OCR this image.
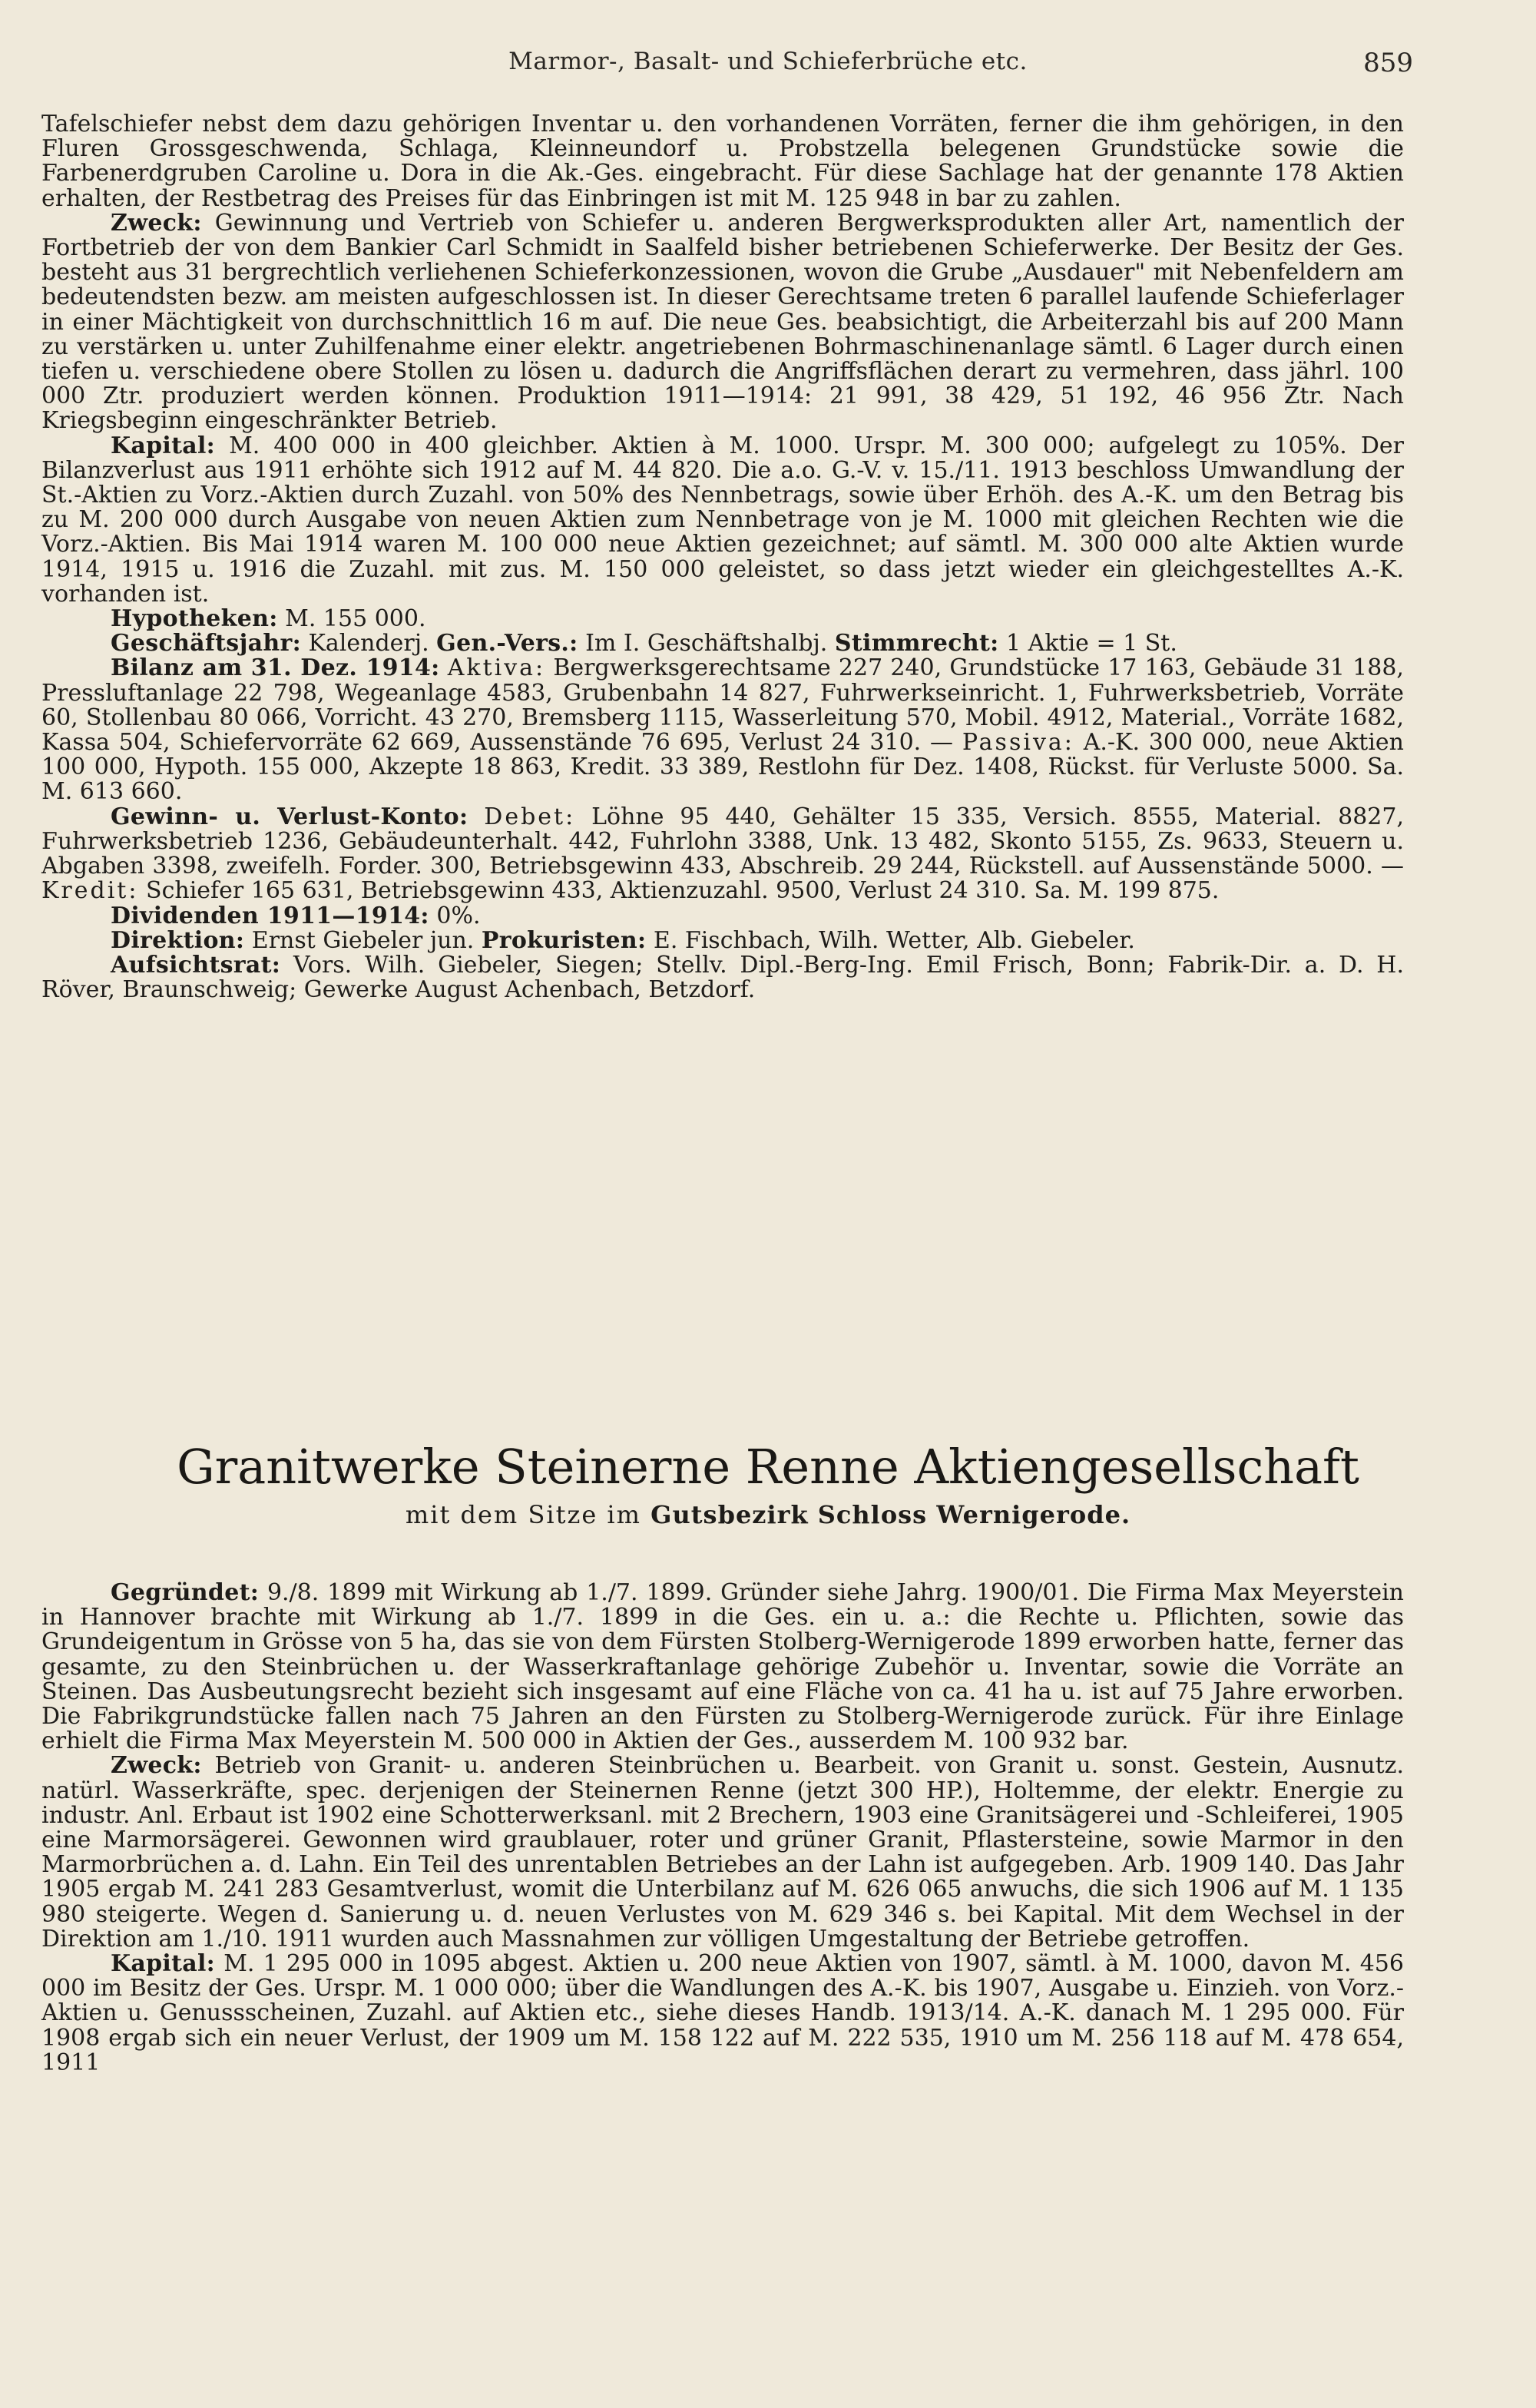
Marmor-, Basalt- und Schieferbrüche etc.	859

Tafelschiefer nebst dem dazu gehörigen Inventar u. den vorhandenen Vorräten, ferner die ihm gehörigen, in den Fluren Grossgeschwenda, Schlaga, Kleinneundorf u. Probstzella belegenen Grundstücke sowie die Farbenerdgruben Caroline u. Dora in die Ak.-Ges. eingebracht. Für diese Sachlage hat der genannte 178 Aktien erhalten, der Restbetrag des Preises für das Einbringen ist mit M. 125 948 in bar zu zahlen.

Zweck: Gewinnung und Vertrieb von Schiefer u. anderen Bergwerksprodukten aller Art, namentlich der Fortbetrieb der von dem Bankier Carl Schmidt in Saalfeld bisher betriebenen Schieferwerke. Der Besitz der Ges. besteht aus 31 bergrechtlich verliehenen Schieferkonzessionen, wovon die Grube „Ausdauer" mit Nebenfeldern am bedeutendsten bezw. am meisten aufgeschlossen ist. In dieser Gerechtsame treten 6 parallel laufende Schieferlager in einer Mächtigkeit von durchschnittlich 16 m auf. Die neue Ges. beabsichtigt, die Arbeiterzahl bis auf 200 Mann zu verstärken u. unter Zuhilfenahme einer elektr. angetriebenen Bohrmaschinenanlage sämtl. 6 Lager durch einen tiefen u. verschiedene obere Stollen zu lösen u. dadurch die Angriffsflächen derart zu vermehren, dass jährl. 100 000 Ztr. produziert werden können. Produktion 1911—1914: 21 991, 38 429, 51 192, 46 956 Ztr. Nach Kriegsbeginn eingeschränkter Betrieb.

Kapital: M. 400 000 in 400 gleichber. Aktien à M. 1000. Urspr. M. 300 000; aufgelegt zu 105%. Der Bilanzverlust aus 1911 erhöhte sich 1912 auf M. 44 820. Die a.o. G.-V. v. 15./11. 1913 beschloss Umwandlung der St.-Aktien zu Vorz.-Aktien durch Zuzahl. von 50% des Nennbetrags, sowie über Erhöh. des A.-K. um den Betrag bis zu M. 200 000 durch Ausgabe von neuen Aktien zum Nennbetrage von je M. 1000 mit gleichen Rechten wie die Vorz.-Aktien. Bis Mai 1914 waren M. 100 000 neue Aktien gezeichnet; auf sämtl. M. 300 000 alte Aktien wurde 1914, 1915 u. 1916 die Zuzahl. mit zus. M. 150 000 geleistet, so dass jetzt wieder ein gleichgestelltes A.-K. vorhanden ist.

Hypotheken: M. 155 000.

Geschäftsjahr: Kalenderj. Gen.-Vers.: Im I. Geschäftshalbj. Stimmrecht: 1 Aktie = 1 St.

Bilanz am 31. Dez. 1914: Aktiva: Bergwerksgerechtsame 227 240, Grundstücke 17 163, Gebäude 31 188, Pressluftanlage 22 798, Wegeanlage 4583, Grubenbahn 14 827, Fuhrwerkseinricht. 1, Fuhrwerksbetrieb, Vorräte 60, Stollenbau 80 066, Vorricht. 43 270, Bremsberg 1115, Wasserleitung 570, Mobil. 4912, Material., Vorräte 1682, Kassa 504, Schiefervorräte 62 669, Aussenstände 76 695, Verlust 24 310. — Passiva: A.-K. 300 000, neue Aktien 100 000, Hypoth. 155 000, Akzepte 18 863, Kredit. 33 389, Restlohn für Dez. 1408, Rückst. für Verluste 5000. Sa. M. 613 660.

Gewinn- u. Verlust-Konto: Debet: Löhne 95 440, Gehälter 15 335, Versich. 8555, Material. 8827, Fuhrwerksbetrieb 1236, Gebäudeunterhalt. 442, Fuhrlohn 3388, Unk. 13 482, Skonto 5155, Zs. 9633, Steuern u. Abgaben 3398, zweifelh. Forder. 300, Betriebsgewinn 433, Abschreib. 29 244, Rückstell. auf Aussenstände 5000. — Kredit: Schiefer 165 631, Betriebsgewinn 433, Aktienzuzahl. 9500, Verlust 24 310. Sa. M. 199 875.

Dividenden 1911—1914: 0%.

Direktion: Ernst Giebeler jun. Prokuristen: E. Fischbach, Wilh. Wetter, Alb. Giebeler.

Aufsichtsrat: Vors. Wilh. Giebeler, Siegen; Stellv. Dipl.-Berg-Ing. Emil Frisch, Bonn; Fabrik-Dir. a. D. H. Röver, Braunschweig; Gewerke August Achenbach, Betzdorf.

Granitwerke Steinerne Renne Aktiengesellschaft
mit dem Sitze im Gutsbezirk Schloss Wernigerode.

Gegründet: 9./8. 1899 mit Wirkung ab 1./7. 1899. Gründer siehe Jahrg. 1900/01. Die Firma Max Meyerstein in Hannover brachte mit Wirkung ab 1./7. 1899 in die Ges. ein u. a.: die Rechte u. Pflichten, sowie das Grundeigentum in Grösse von 5 ha, das sie von dem Fürsten Stolberg-Wernigerode 1899 erworben hatte, ferner das gesamte, zu den Steinbrüchen u. der Wasserkraftanlage gehörige Zubehör u. Inventar, sowie die Vorräte an Steinen. Das Ausbeutungsrecht bezieht sich insgesamt auf eine Fläche von ca. 41 ha u. ist auf 75 Jahre erworben. Die Fabrikgrundstücke fallen nach 75 Jahren an den Fürsten zu Stolberg-Wernigerode zurück. Für ihre Einlage erhielt die Firma Max Meyerstein M. 500 000 in Aktien der Ges., ausserdem M. 100 932 bar.

Zweck: Betrieb von Granit- u. anderen Steinbrüchen u. Bearbeit. von Granit u. sonst. Gestein, Ausnutz. natürl. Wasserkräfte, spec. derjenigen der Steinernen Renne (jetzt 300 HP.), Holtemme, der elektr. Energie zu industr. Anl. Erbaut ist 1902 eine Schotterwerksanl. mit 2 Brechern, 1903 eine Granitsägerei und -Schleiferei, 1905 eine Marmorsägerei. Gewonnen wird graublauer, roter und grüner Granit, Pflastersteine, sowie Marmor in den Marmorbrüchen a. d. Lahn. Ein Teil des unrentablen Betriebes an der Lahn ist aufgegeben. Arb. 1909 140. Das Jahr 1905 ergab M. 241 283 Gesamtverlust, womit die Unterbilanz auf M. 626 065 anwuchs, die sich 1906 auf M. 1 135 980 steigerte. Wegen d. Sanierung u. d. neuen Verlustes von M. 629 346 s. bei Kapital. Mit dem Wechsel in der Direktion am 1./10. 1911 wurden auch Massnahmen zur völligen Umgestaltung der Betriebe getroffen.

Kapital: M. 1 295 000 in 1095 abgest. Aktien u. 200 neue Aktien von 1907, sämtl. à M. 1000, davon M. 456 000 im Besitz der Ges. Urspr. M. 1 000 000; über die Wandlungen des A.-K. bis 1907, Ausgabe u. Einzieh. von Vorz.-Aktien u. Genussscheinen, Zuzahl. auf Aktien etc., siehe dieses Handb. 1913/14. A.-K. danach M. 1 295 000. Für 1908 ergab sich ein neuer Verlust, der 1909 um M. 158 122 auf M. 222 535, 1910 um M. 256 118 auf M. 478 654, 1911
